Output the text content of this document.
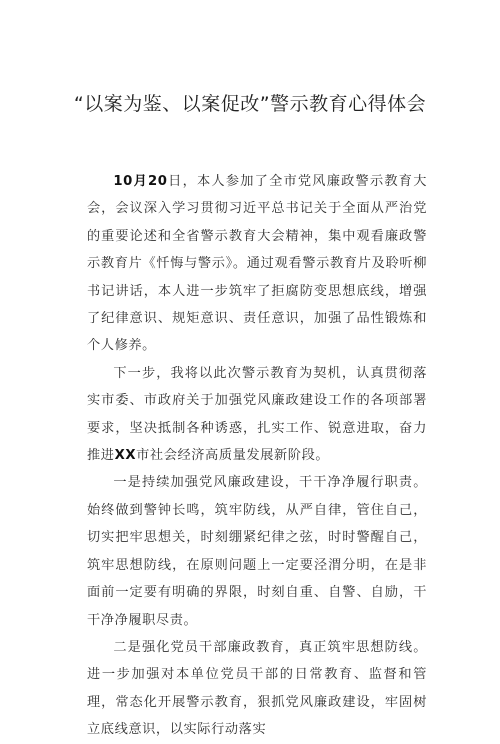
“以案为鉴、以案促改”警示教育心得体会

10月20日，本人参加了全市党风廉政警示教育大会，会议深入学习贯彻习近平总书记关于全面从严治党的重要论述和全省警示教育大会精神，集中观看廉政警示教育片《忏悔与警示》。通过观看警示教育片及聆听柳书记讲话，本人进一步筑牢了拒腐防变思想底线，增强了纪律意识、规矩意识、责任意识，加强了品性锻炼和个人修养。

下一步，我将以此次警示教育为契机，认真贯彻落实市委、市政府关于加强党风廉政建设工作的各项部署要求，坚决抵制各种诱惑，扎实工作、锐意进取，奋力推进XX市社会经济高质量发展新阶段。

一是持续加强党风廉政建设，干干净净履行职责。始终做到警钟长鸣，筑牢防线，从严自律，管住自己，切实把牢思想关，时刻绷紧纪律之弦，时时警醒自己，筑牢思想防线，在原则问题上一定要泾渭分明，在是非面前一定要有明确的界限，时刻自重、自警、自励，干干净净履职尽责。

二是强化党员干部廉政教育，真正筑牢思想防线。进一步加强对本单位党员干部的日常教育、监督和管理，常态化开展警示教育，狠抓党风廉政建设，牢固树立底线意识，以实际行动落实
